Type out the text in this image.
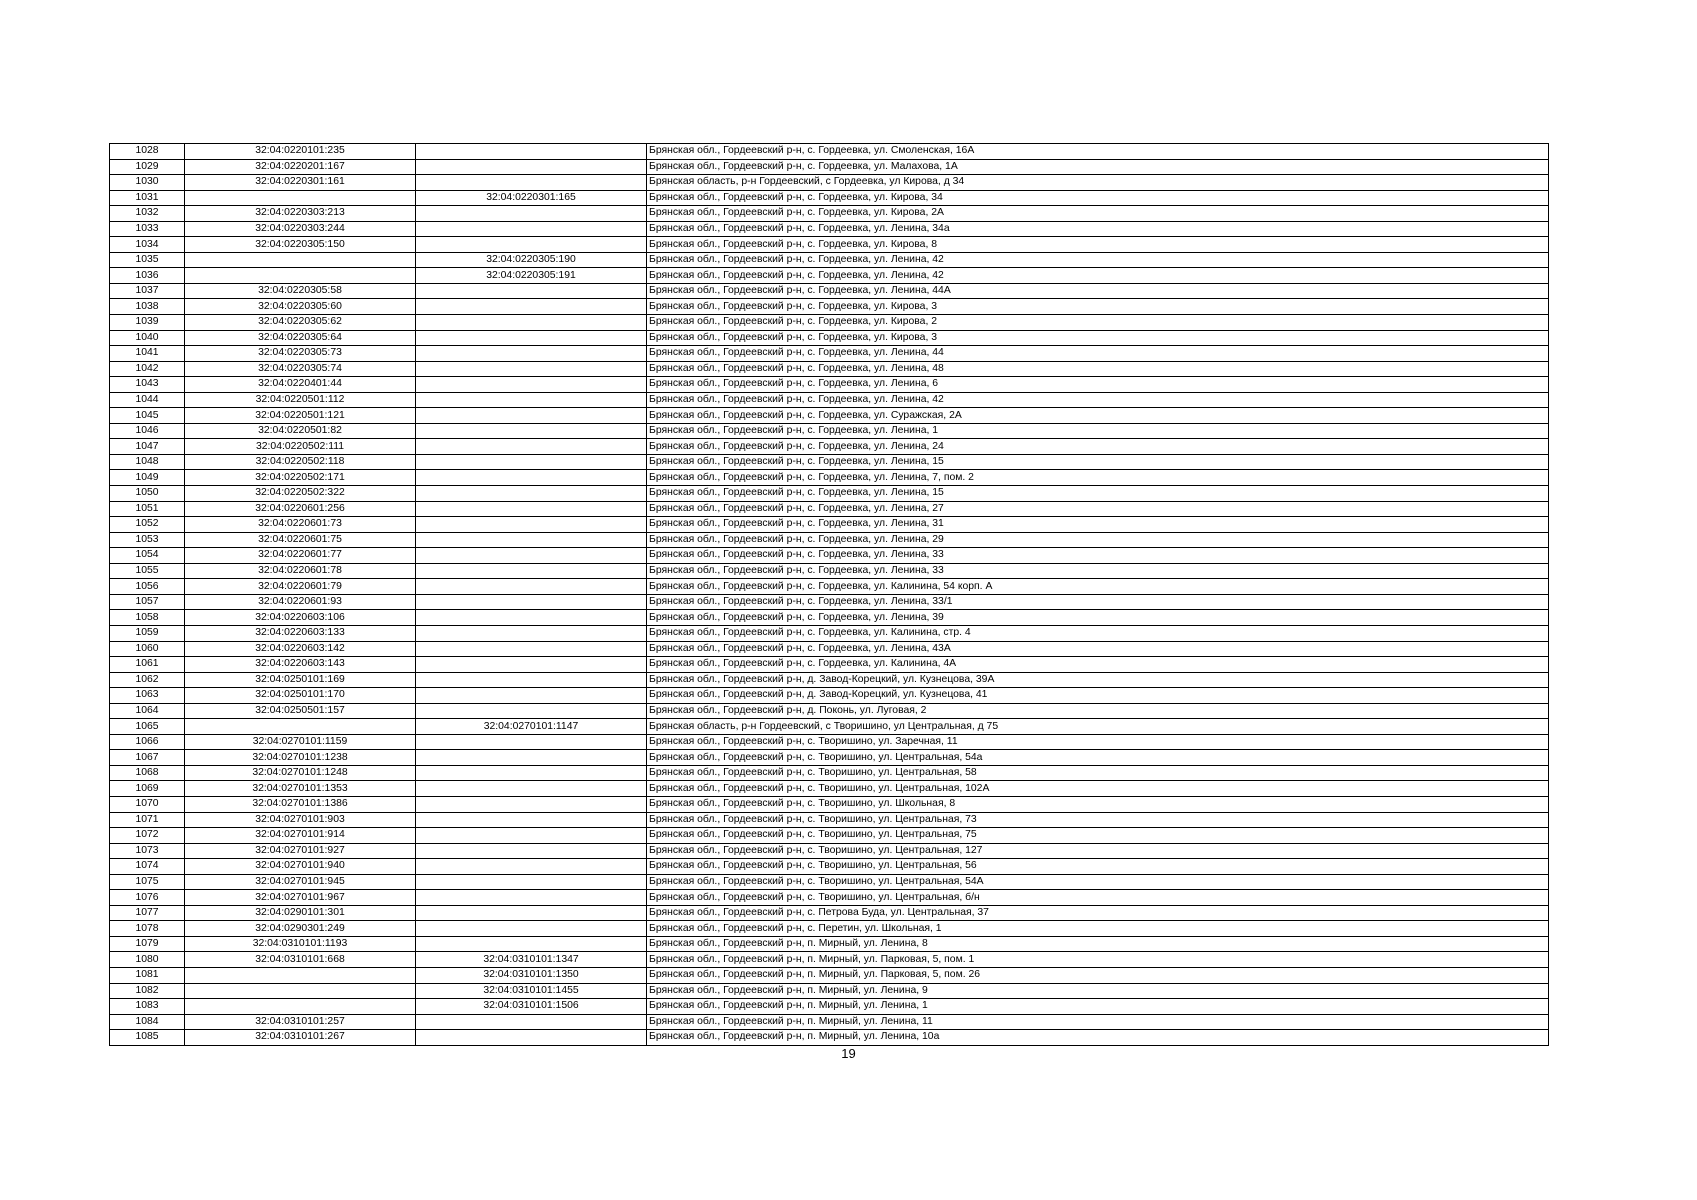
1028	32:04:0220101:235		Брянская обл., Гордеевский р-н, с. Гордеевка, ул. Смоленская, 16А
1029	32:04:0220201:167		Брянская обл., Гордеевский р-н, с. Гордеевка, ул. Малахова, 1А
1030	32:04:0220301:161		Брянская область, р-н Гордеевский, с Гордеевка, ул Кирова, д 34
1031		32:04:0220301:165	Брянская обл., Гордеевский р-н, с. Гордеевка, ул. Кирова, 34
1032	32:04:0220303:213		Брянская обл., Гордеевский р-н, с. Гордеевка, ул. Кирова, 2А
1033	32:04:0220303:244		Брянская обл., Гордеевский р-н, с. Гордеевка, ул. Ленина, 34а
1034	32:04:0220305:150		Брянская обл., Гордеевский р-н, с. Гордеевка, ул. Кирова, 8
1035		32:04:0220305:190	Брянская обл., Гордеевский р-н, с. Гордеевка, ул. Ленина, 42
1036		32:04:0220305:191	Брянская обл., Гордеевский р-н, с. Гордеевка, ул. Ленина, 42
1037	32:04:0220305:58		Брянская обл., Гордеевский р-н, с. Гордеевка, ул. Ленина, 44А
1038	32:04:0220305:60		Брянская обл., Гордеевский р-н, с. Гордеевка, ул. Кирова, 3
1039	32:04:0220305:62		Брянская обл., Гордеевский р-н, с. Гордеевка, ул. Кирова, 2
1040	32:04:0220305:64		Брянская обл., Гордеевский р-н, с. Гордеевка, ул. Кирова, 3
1041	32:04:0220305:73		Брянская обл., Гордеевский р-н, с. Гордеевка, ул. Ленина, 44
1042	32:04:0220305:74		Брянская обл., Гордеевский р-н, с. Гордеевка, ул. Ленина, 48
1043	32:04:0220401:44		Брянская обл., Гордеевский р-н, с. Гордеевка, ул. Ленина, 6
1044	32:04:0220501:112		Брянская обл., Гордеевский р-н, с. Гордеевка, ул. Ленина, 42
1045	32:04:0220501:121		Брянская обл., Гордеевский р-н, с. Гордеевка, ул. Суражская, 2А
1046	32:04:0220501:82		Брянская обл., Гордеевский р-н, с. Гордеевка, ул. Ленина, 1
1047	32:04:0220502:111		Брянская обл., Гордеевский р-н, с. Гордеевка, ул. Ленина, 24
1048	32:04:0220502:118		Брянская обл., Гордеевский р-н, с. Гордеевка, ул. Ленина, 15
1049	32:04:0220502:171		Брянская обл., Гордеевский р-н, с. Гордеевка, ул. Ленина, 7, пом. 2
1050	32:04:0220502:322		Брянская обл., Гордеевский р-н, с. Гордеевка, ул. Ленина, 15
1051	32:04:0220601:256		Брянская обл., Гордеевский р-н, с. Гордеевка, ул. Ленина, 27
1052	32:04:0220601:73		Брянская обл., Гордеевский р-н, с. Гордеевка, ул. Ленина, 31
1053	32:04:0220601:75		Брянская обл., Гордеевский р-н, с. Гордеевка, ул. Ленина, 29
1054	32:04:0220601:77		Брянская обл., Гордеевский р-н, с. Гордеевка, ул. Ленина, 33
1055	32:04:0220601:78		Брянская обл., Гордеевский р-н, с. Гордеевка, ул. Ленина, 33
1056	32:04:0220601:79		Брянская обл., Гордеевский р-н, с. Гордеевка, ул. Калинина, 54 корп. А
1057	32:04:0220601:93		Брянская обл., Гордеевский р-н, с. Гордеевка, ул. Ленина, 33/1
1058	32:04:0220603:106		Брянская обл., Гордеевский р-н, с. Гордеевка, ул. Ленина, 39
1059	32:04:0220603:133		Брянская обл., Гордеевский р-н, с. Гордеевка, ул. Калинина, стр. 4
1060	32:04:0220603:142		Брянская обл., Гордеевский р-н, с. Гордеевка, ул. Ленина, 43А
1061	32:04:0220603:143		Брянская обл., Гордеевский р-н, с. Гордеевка, ул. Калинина, 4А
1062	32:04:0250101:169		Брянская обл., Гордеевский р-н, д. Завод-Корецкий, ул. Кузнецова, 39А
1063	32:04:0250101:170		Брянская обл., Гордеевский р-н, д. Завод-Корецкий, ул. Кузнецова, 41
1064	32:04:0250501:157		Брянская обл., Гордеевский р-н, д. Поконь, ул. Луговая, 2
1065		32:04:0270101:1147	Брянская область, р-н Гордеевский, с Творишино, ул Центральная, д 75
1066	32:04:0270101:1159		Брянская обл., Гордеевский р-н, с. Творишино, ул. Заречная, 11
1067	32:04:0270101:1238		Брянская обл., Гордеевский р-н, с. Творишино, ул. Центральная, 54а
1068	32:04:0270101:1248		Брянская обл., Гордеевский р-н, с. Творишино, ул. Центральная, 58
1069	32:04:0270101:1353		Брянская обл., Гордеевский р-н, с. Творишино, ул. Центральная, 102А
1070	32:04:0270101:1386		Брянская обл., Гордеевский р-н, с. Творишино, ул. Школьная, 8
1071	32:04:0270101:903		Брянская обл., Гордеевский р-н, с. Творишино, ул. Центральная, 73
1072	32:04:0270101:914		Брянская обл., Гордеевский р-н, с. Творишино, ул. Центральная, 75
1073	32:04:0270101:927		Брянская обл., Гордеевский р-н, с. Творишино, ул. Центральная, 127
1074	32:04:0270101:940		Брянская обл., Гордеевский р-н, с. Творишино, ул. Центральная, 56
1075	32:04:0270101:945		Брянская обл., Гордеевский р-н, с. Творишино, ул. Центральная, 54А
1076	32:04:0270101:967		Брянская обл., Гордеевский р-н, с. Творишино, ул. Центральная, б/н
1077	32:04:0290101:301		Брянская обл., Гордеевский р-н, с. Петрова Буда, ул. Центральная, 37
1078	32:04:0290301:249		Брянская обл., Гордеевский р-н, с. Перетин, ул. Школьная, 1
1079	32:04:0310101:1193		Брянская обл., Гордеевский р-н, п. Мирный, ул. Ленина, 8
1080	32:04:0310101:668	32:04:0310101:1347	Брянская обл., Гордеевский р-н, п. Мирный, ул. Парковая, 5, пом. 1
1081		32:04:0310101:1350	Брянская обл., Гордеевский р-н, п. Мирный, ул. Парковая, 5, пом. 26
1082		32:04:0310101:1455	Брянская обл., Гордеевский р-н, п. Мирный, ул. Ленина, 9
1083		32:04:0310101:1506	Брянская обл., Гордеевский р-н, п. Мирный, ул. Ленина, 1
1084	32:04:0310101:257		Брянская обл., Гордеевский р-н, п. Мирный, ул. Ленина, 11
1085	32:04:0310101:267		Брянская обл., Гордеевский р-н, п. Мирный, ул. Ленина, 10а
19
